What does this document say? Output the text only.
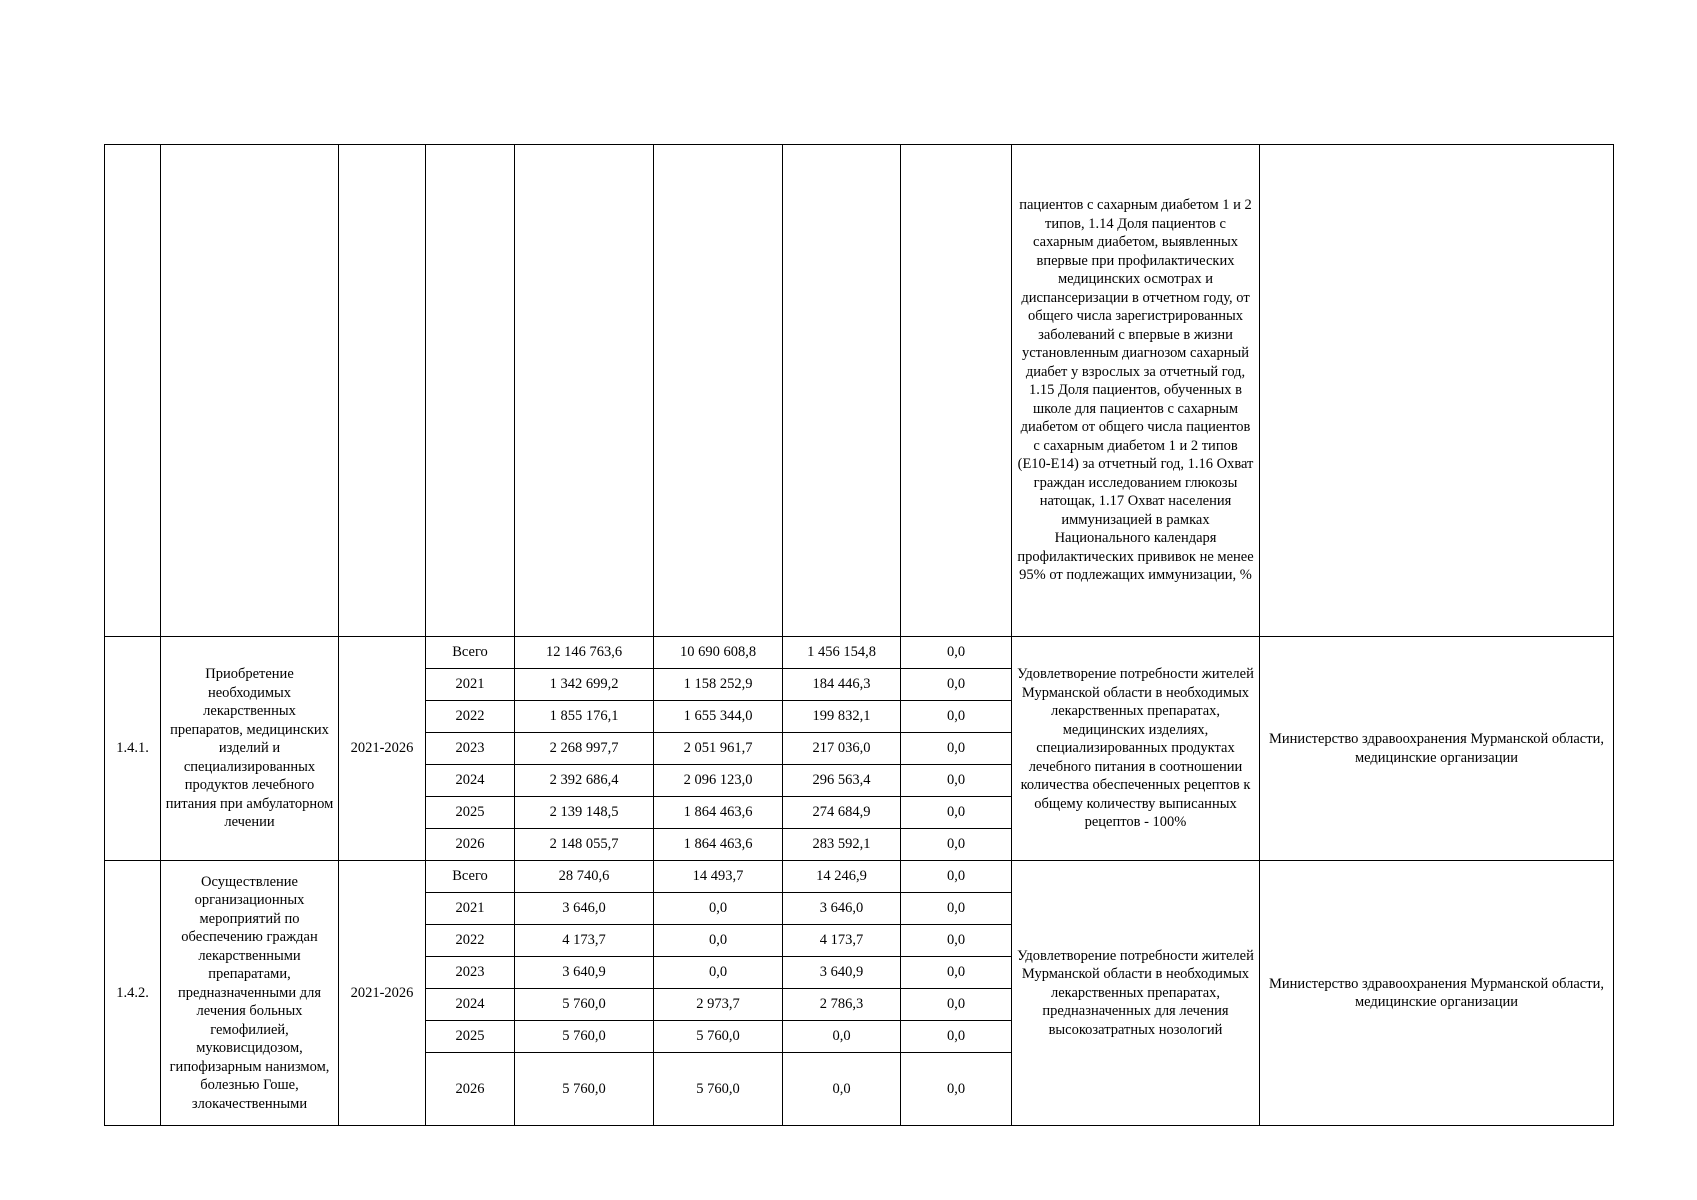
								пациентов с сахарным диабетом 1 и 2 типов, 1.14 Доля пациентов с сахарным диабетом, выявленных впервые при профилактических медицинских осмотрах и диспансеризации в отчетном году, от общего числа зарегистрированных заболеваний с впервые в жизни установленным диагнозом сахарный диабет у взрослых за отчетный год, 1.15 Доля пациентов, обученных в школе для пациентов с сахарным диабетом от общего числа пациентов с сахарным диабетом 1 и 2 типов (Е10-Е14) за отчетный год, 1.16 Охват граждан исследованием глюкозы натощак, 1.17 Охват населения иммунизацией в рамках Национального календаря профилактических прививок не менее 95% от подлежащих иммунизации, %	
1.4.1.	Приобретение необходимых лекарственных препаратов, медицинских изделий и специализированных продуктов лечебного питания при амбулаторном лечении	2021-2026	Всего	12 146 763,6	10 690 608,8	1 456 154,8	0,0	Удовлетворение потребности жителей Мурманской области в необходимых лекарственных препаратах, медицинских изделиях, специализированных продуктах лечебного питания в соотношении количества обеспеченных рецептов к общему количеству выписанных рецептов - 100%	Министерство здравоохранения Мурманской области, медицинские организации
			2021	1 342 699,2	1 158 252,9	184 446,3	0,0		
			2022	1 855 176,1	1 655 344,0	199 832,1	0,0		
			2023	2 268 997,7	2 051 961,7	217 036,0	0,0		
			2024	2 392 686,4	2 096 123,0	296 563,4	0,0		
			2025	2 139 148,5	1 864 463,6	274 684,9	0,0		
			2026	2 148 055,7	1 864 463,6	283 592,1	0,0		
1.4.2.	Осуществление организационных мероприятий по обеспечению граждан лекарственными препаратами, предназначенными для лечения больных гемофилией, муковисцидозом, гипофизарным нанизмом, болезнью Гоше, злокачественными	2021-2026	Всего	28 740,6	14 493,7	14 246,9	0,0	Удовлетворение потребности жителей Мурманской области в необходимых лекарственных препаратах, предназначенных для лечения высокозатратных нозологий	Министерство здравоохранения Мурманской области, медицинские организации
			2021	3 646,0	0,0	3 646,0	0,0		
			2022	4 173,7	0,0	4 173,7	0,0		
			2023	3 640,9	0,0	3 640,9	0,0		
			2024	5 760,0	2 973,7	2 786,3	0,0		
			2025	5 760,0	5 760,0	0,0	0,0		
			2026	5 760,0	5 760,0	0,0	0,0		
